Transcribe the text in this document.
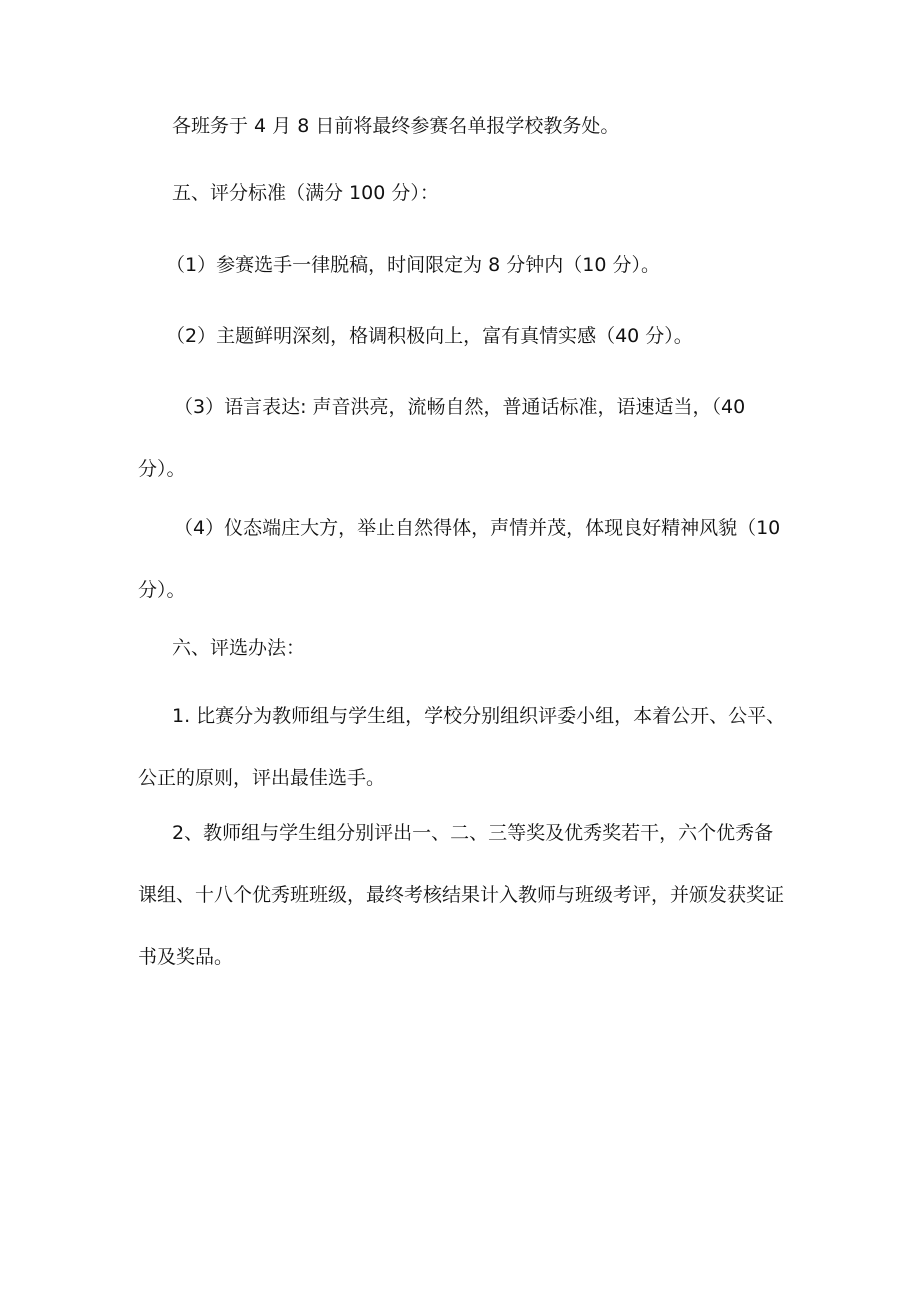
各班务于 4 月 8 日前将最终参赛名单报学校教务处。

五、评分标准（满分 100 分）：

（1）参赛选手一律脱稿，时间限定为 8 分钟内（10 分）。

（2）主题鲜明深刻，格调积极向上，富有真情实感（40 分）。

（3）语言表达: 声音洪亮，流畅自然，普通话标准，语速适当，（40 分）。

（4）仪态端庄大方，举止自然得体，声情并茂，体现良好精神风貌（10 分）。

六、评选办法：

1. 比赛分为教师组与学生组，学校分别组织评委小组，本着公开、公平、公正的原则，评出最佳选手。

2、教师组与学生组分别评出一、二、三等奖及优秀奖若干，六个优秀备课组、十八个优秀班班级，最终考核结果计入教师与班级考评，并颁发获奖证书及奖品。
